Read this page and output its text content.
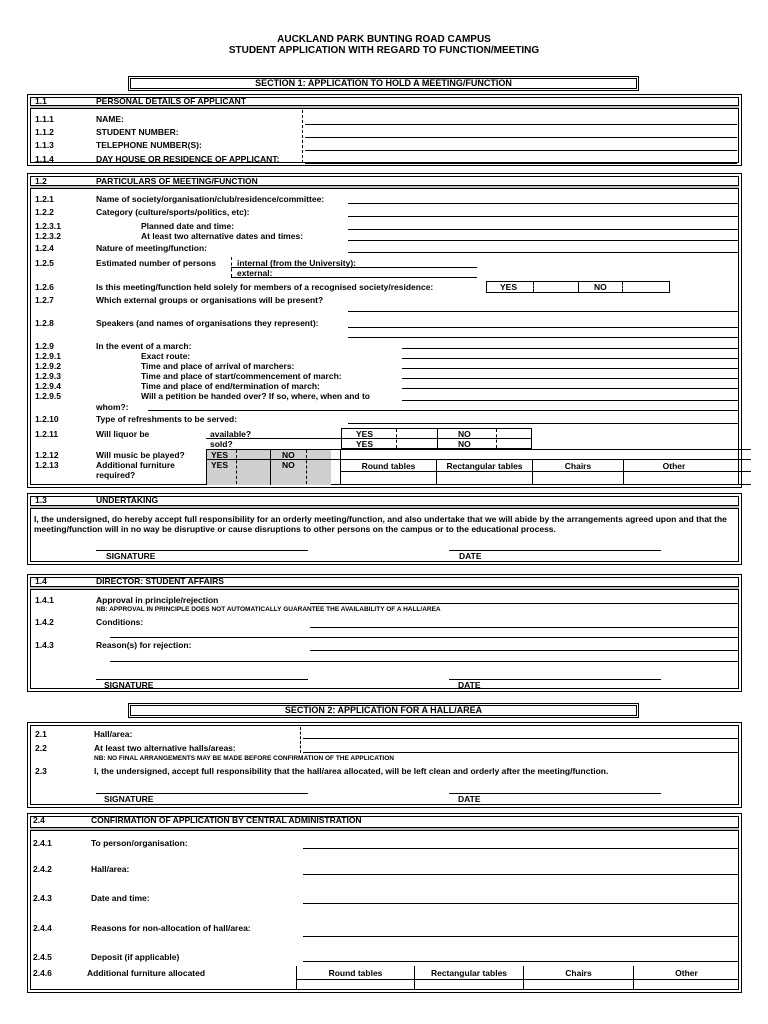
AUCKLAND PARK BUNTING ROAD CAMPUS
STUDENT APPLICATION WITH REGARD TO FUNCTION/MEETING
SECTION 1: APPLICATION TO HOLD A MEETING/FUNCTION
1.1	PERSONAL DETAILS OF APPLICANT
1.1.1	NAME:
1.1.2	STUDENT NUMBER:
1.1.3	TELEPHONE NUMBER(S):
1.1.4	DAY HOUSE OR RESIDENCE OF APPLICANT:
1.2	PARTICULARS OF MEETING/FUNCTION
1.2.1	Name of society/organisation/club/residence/committee:
1.2.2	Category (culture/sports/politics, etc):
1.2.3.1	Planned date and time:
1.2.3.2	At least two alternative dates and times:
1.2.4	Nature of meeting/function:
1.2.5	Estimated number of persons internal (from the University):
external:
1.2.6	Is this meeting/function held solely for members of a recognised society/residence:	YES	NO
1.2.7	Which external groups or organisations will be present?
1.2.8	Speakers (and names of organisations they represent):
1.2.9	In the event of a march:
1.2.9.1	Exact route:
1.2.9.2	Time and place of arrival of marchers:
1.2.9.3	Time and place of start/commencement of march:
1.2.9.4	Time and place of end/termination of march:
1.2.9.5	Will a petition be handed over? If so, where, when and to
whom?:
1.2.10	Type of refreshments to be served:
1.2.11	Will liquor be	available?
sold?
YES	NO
YES	NO
1.2.12	Will music be played?	YES	NO
1.2.13	Additional furniture
required?
YES	NO	Round tables	Rectangular tables	Chairs	Other
1.3	UNDERTAKING
I, the undersigned, do hereby accept full responsibility for an orderly meeting/function, and also undertake that we will abide by the arrangements agreed upon and that the meeting/function will in no way be disruptive or cause disruptions to other persons on the campus or to the educational process.
SIGNATURE	DATE
1.4	DIRECTOR: STUDENT AFFAIRS
1.4.1	Approval in principle/rejection
NB: APPROVAL IN PRINCIPLE DOES NOT AUTOMATICALLY GUARANTEE THE AVAILABILITY OF A HALL/AREA
1.4.2	Conditions:
1.4.3	Reason(s) for rejection:
SIGNATURE	DATE
SECTION 2: APPLICATION FOR A HALL/AREA
2.1	Hall/area:
2.2	At least two alternative halls/areas:
NB: NO FINAL ARRANGEMENTS MAY BE MADE BEFORE CONFIRMATION OF THE APPLICATION
2.3	I, the undersigned, accept full responsibility that the hall/area allocated, will be left clean and orderly after the meeting/function.
SIGNATURE	DATE
2.4	CONFIRMATION OF APPLICATION BY CENTRAL ADMINISTRATION
2.4.1	To person/organisation:
2.4.2	Hall/area:
2.4.3	Date and time:
2.4.4	Reasons for non-allocation of hall/area:
2.4.5	Deposit (if applicable)
2.4.6	Additional furniture allocated	Round tables	Rectangular tables	Chairs	Other
